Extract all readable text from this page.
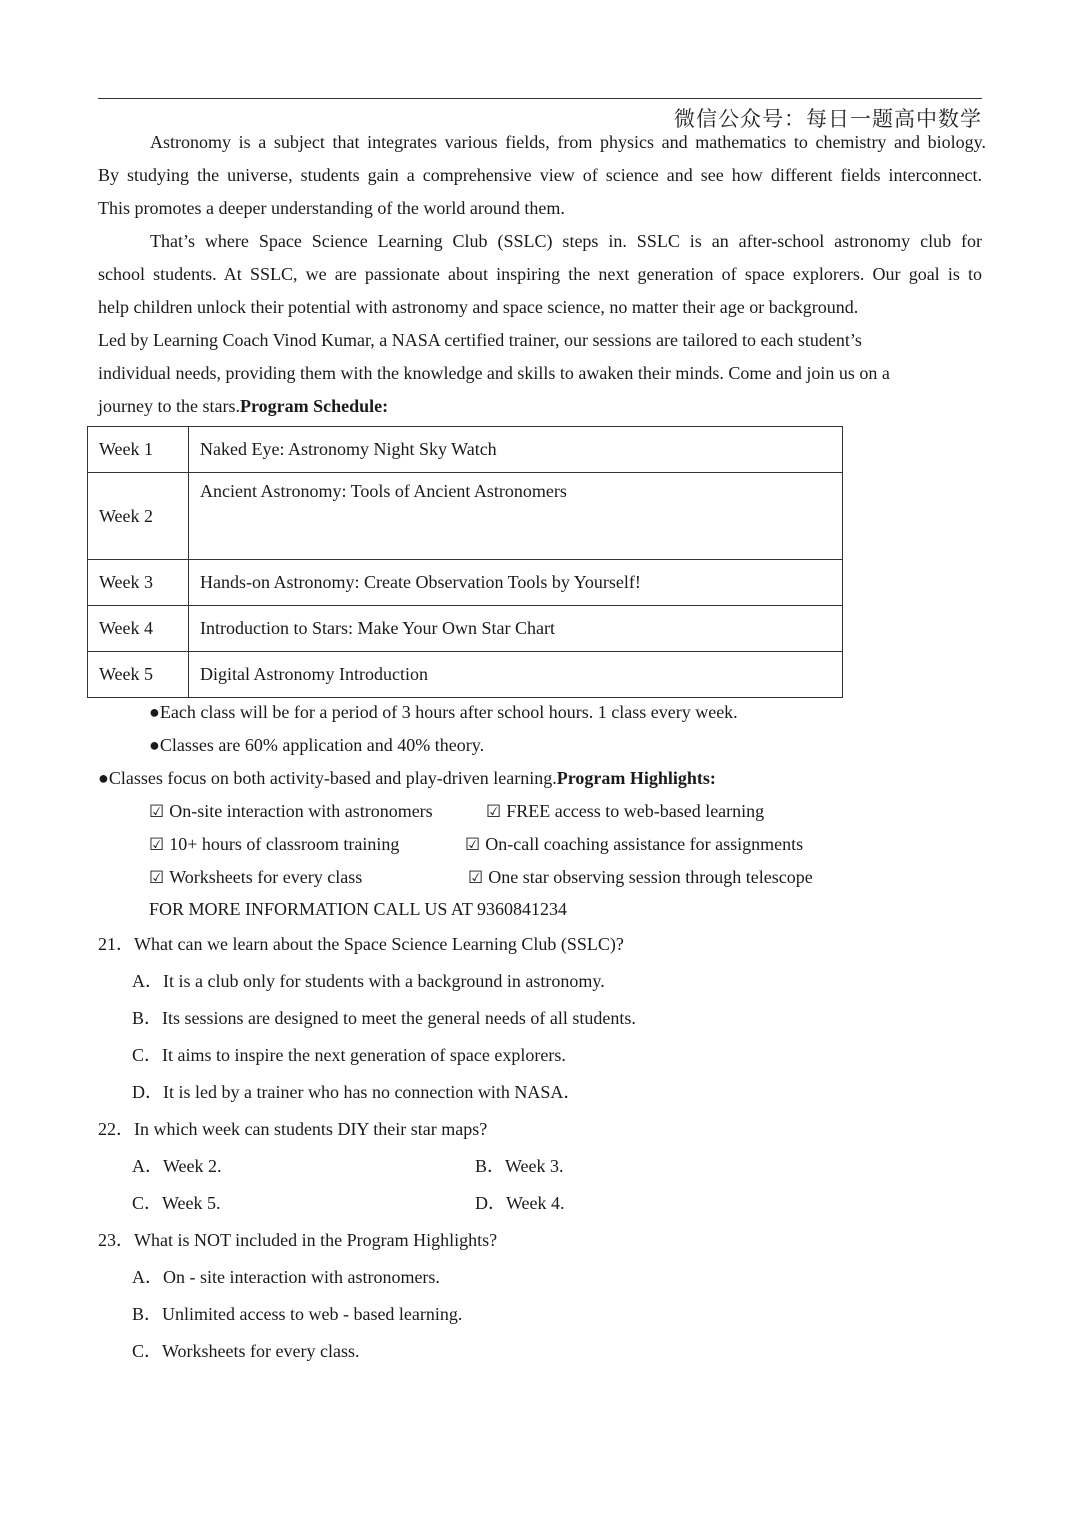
微信公众号：每日一题高中数学
Astronomy is a subject that integrates various fields, from physics and mathematics to chemistry and biology.
By studying the universe, students gain a comprehensive view of science and see how different fields interconnect.
This promotes a deeper understanding of the world around them.
That’s where Space Science Learning Club (SSLC) steps in. SSLC is an after-school astronomy club for
school students. At SSLC, we are passionate about inspiring the next generation of space explorers. Our goal is to
help children unlock their potential with astronomy and space science, no matter their age or background.
Led by Learning Coach Vinod Kumar, a NASA certified trainer, our sessions are tailored to each student’s
individual needs, providing them with the knowledge and skills to awaken their minds. Come and join us on a
journey to the stars.Program Schedule:
Week 1	Naked Eye: Astronomy Night Sky Watch
Week 2	Ancient Astronomy: Tools of Ancient Astronomers
Week 3	Hands-on Astronomy: Create Observation Tools by Yourself!
Week 4	Introduction to Stars: Make Your Own Star Chart
Week 5	Digital Astronomy Introduction
●Each class will be for a period of 3 hours after school hours. 1 class every week.
●Classes are 60% application and 40% theory.
●Classes focus on both activity-based and play-driven learning.Program Highlights:
☑ On-site interaction with astronomers	☑ FREE access to web-based learning
☑ 10+ hours of classroom training	☑ On-call coaching assistance for assignments
☑ Worksheets for every class	☑ One star observing session through telescope
FOR MORE INFORMATION CALL US AT 9360841234
21．What can we learn about the Space Science Learning Club (SSLC)?
A．It is a club only for students with a background in astronomy.
B．Its sessions are designed to meet the general needs of all students.
C．It aims to inspire the next generation of space explorers.
D．It is led by a trainer who has no connection with NASA．
22．In which week can students DIY their star maps?
A．Week 2.	B．Week 3.
C．Week 5.	D．Week 4.
23．What is NOT included in the Program Highlights?
A．On - site interaction with astronomers.
B．Unlimited access to web - based learning.
C．Worksheets for every class.
